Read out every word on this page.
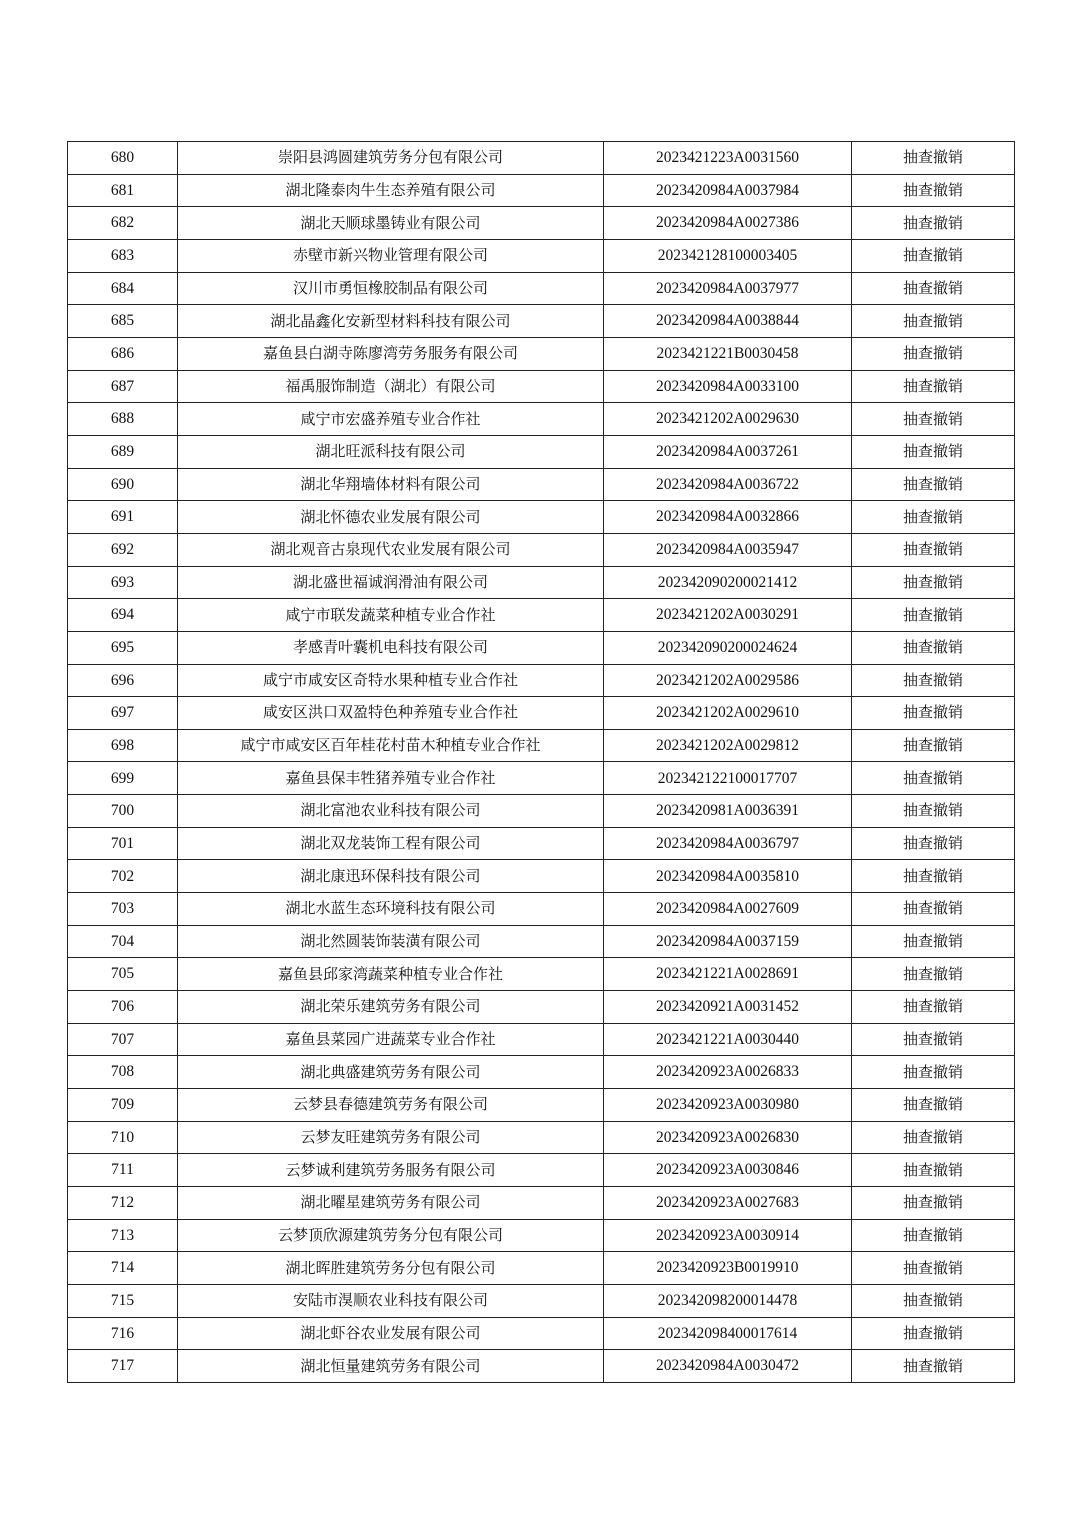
680	崇阳县鸿圆建筑劳务分包有限公司	2023421223A0031560	抽查撤销
681	湖北隆泰肉牛生态养殖有限公司	2023420984A0037984	抽查撤销
682	湖北天顺球墨铸业有限公司	2023420984A0027386	抽查撤销
683	赤壁市新兴物业管理有限公司	202342128100003405	抽查撤销
684	汉川市勇恒橡胶制品有限公司	2023420984A0037977	抽查撤销
685	湖北晶鑫化安新型材料科技有限公司	2023420984A0038844	抽查撤销
686	嘉鱼县白湖寺陈廖湾劳务服务有限公司	2023421221B0030458	抽查撤销
687	福禹服饰制造（湖北）有限公司	2023420984A0033100	抽查撤销
688	咸宁市宏盛养殖专业合作社	2023421202A0029630	抽查撤销
689	湖北旺派科技有限公司	2023420984A0037261	抽查撤销
690	湖北华翔墙体材料有限公司	2023420984A0036722	抽查撤销
691	湖北怀德农业发展有限公司	2023420984A0032866	抽查撤销
692	湖北观音古泉现代农业发展有限公司	2023420984A0035947	抽查撤销
693	湖北盛世福诚润滑油有限公司	202342090200021412	抽查撤销
694	咸宁市联发蔬菜种植专业合作社	2023421202A0030291	抽查撤销
695	孝感青叶囊机电科技有限公司	202342090200024624	抽查撤销
696	咸宁市咸安区奇特水果种植专业合作社	2023421202A0029586	抽查撤销
697	咸安区洪口双盈特色种养殖专业合作社	2023421202A0029610	抽查撤销
698	咸宁市咸安区百年桂花村苗木种植专业合作社	2023421202A0029812	抽查撤销
699	嘉鱼县保丰牲猪养殖专业合作社	202342122100017707	抽查撤销
700	湖北富池农业科技有限公司	2023420981A0036391	抽查撤销
701	湖北双龙装饰工程有限公司	2023420984A0036797	抽查撤销
702	湖北康迅环保科技有限公司	2023420984A0035810	抽查撤销
703	湖北水蓝生态环境科技有限公司	2023420984A0027609	抽查撤销
704	湖北然圆装饰装潢有限公司	2023420984A0037159	抽查撤销
705	嘉鱼县邱家湾蔬菜种植专业合作社	2023421221A0028691	抽查撤销
706	湖北荣乐建筑劳务有限公司	2023420921A0031452	抽查撤销
707	嘉鱼县菜园广进蔬菜专业合作社	2023421221A0030440	抽查撤销
708	湖北典盛建筑劳务有限公司	2023420923A0026833	抽查撤销
709	云梦县春德建筑劳务有限公司	2023420923A0030980	抽查撤销
710	云梦友旺建筑劳务有限公司	2023420923A0026830	抽查撤销
711	云梦诚利建筑劳务服务有限公司	2023420923A0030846	抽查撤销
712	湖北曜星建筑劳务有限公司	2023420923A0027683	抽查撤销
713	云梦顶欣源建筑劳务分包有限公司	2023420923A0030914	抽查撤销
714	湖北晖胜建筑劳务分包有限公司	2023420923B0019910	抽查撤销
715	安陆市湨顺农业科技有限公司	202342098200014478	抽查撤销
716	湖北虾谷农业发展有限公司	202342098400017614	抽查撤销
717	湖北恒量建筑劳务有限公司	2023420984A0030472	抽查撤销
